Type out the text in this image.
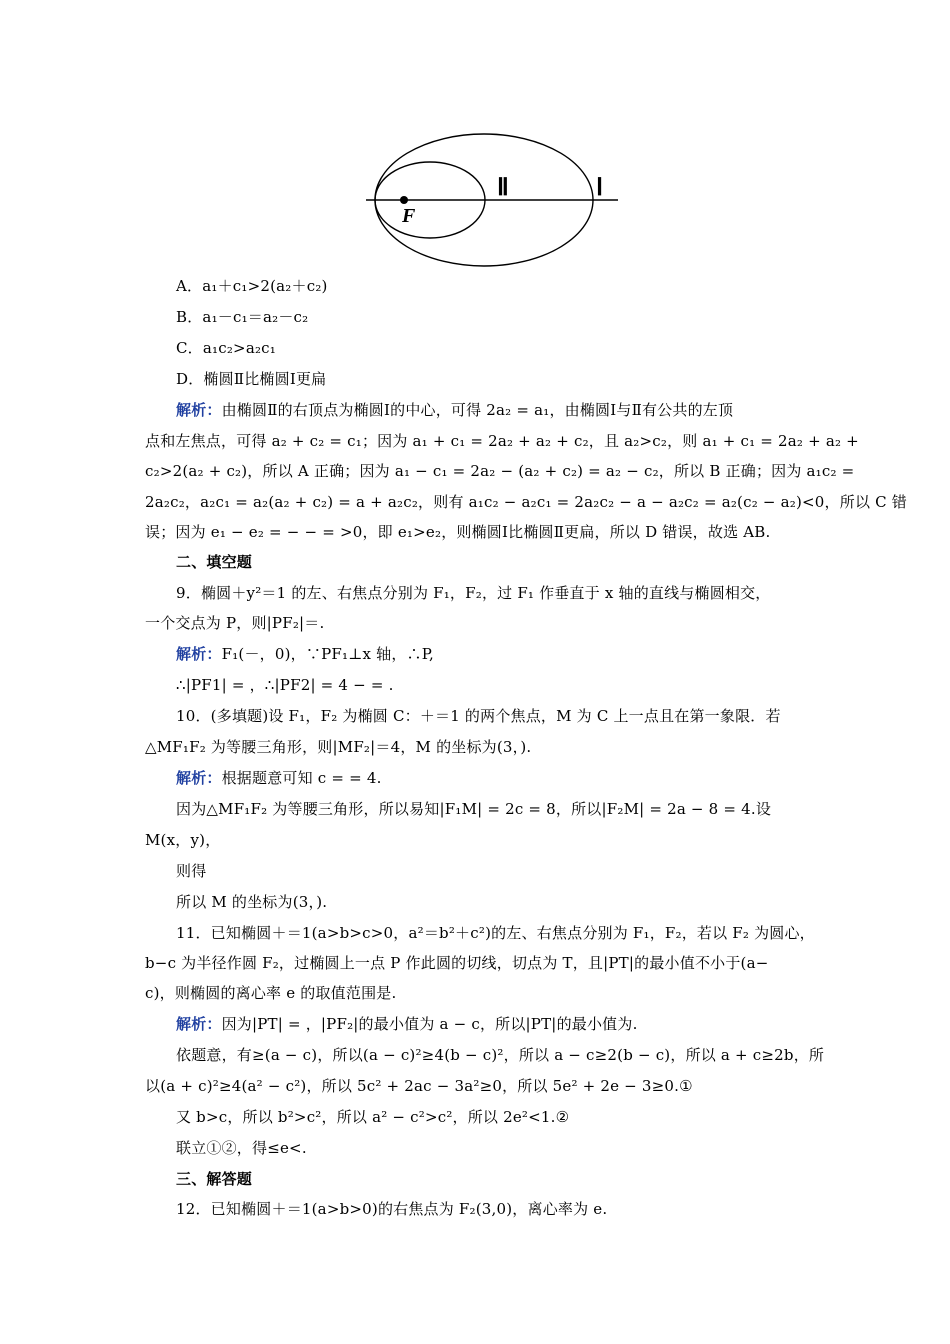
Ⅱ	Ⅰ
F
A．a₁＋c₁>2(a₂＋c₂)
B．a₁－c₁＝a₂－c₂
C．a₁c₂>a₂c₁
D．椭圆Ⅱ比椭圆Ⅰ更扁
解析：由椭圆Ⅱ的右顶点为椭圆Ⅰ的中心，可得 2a₂ = a₁，由椭圆Ⅰ与Ⅱ有公共的左顶
点和左焦点，可得 a₂ + c₂ = c₁；因为 a₁ + c₁ = 2a₂ + a₂ + c₂，且 a₂>c₂，则 a₁ + c₁ = 2a₂ + a₂ +
c₂>2(a₂ + c₂)，所以 A 正确；因为 a₁ − c₁ = 2a₂ − (a₂ + c₂) = a₂ − c₂，所以 B 正确；因为 a₁c₂ =
2a₂c₂，a₂c₁ = a₂(a₂ + c₂) = a + a₂c₂，则有 a₁c₂ − a₂c₁ = 2a₂c₂ − a − a₂c₂ = a₂(c₂ − a₂)<0，所以 C 错
误；因为 e₁ − e₂ = − − = >0，即 e₁>e₂，则椭圆Ⅰ比椭圆Ⅱ更扁，所以 D 错误，故选 AB.
二、填空题
9．椭圆＋y²＝1 的左、右焦点分别为 F₁，F₂，过 F₁ 作垂直于 x 轴的直线与椭圆相交，
一个交点为 P，则|PF₂|＝.
解析：F₁(－，0)，∵PF₁⊥x 轴，∴P,
∴|PF1| = ，∴|PF2| = 4 − = .
10．(多填题)设 F₁，F₂ 为椭圆 C：＋＝1 的两个焦点，M 为 C 上一点且在第一象限．若
△MF₁F₂ 为等腰三角形，则|MF₂|＝4，M 的坐标为(3，).
解析：根据题意可知 c = = 4.
因为△MF₁F₂ 为等腰三角形，所以易知|F₁M| = 2c = 8，所以|F₂M| = 2a − 8 = 4.设
M(x，y)，
则得
所以 M 的坐标为(3，).
11．已知椭圆＋＝1(a>b>c>0，a²＝b²＋c²)的左、右焦点分别为 F₁，F₂，若以 F₂ 为圆心，
b−c 为半径作圆 F₂，过椭圆上一点 P 作此圆的切线，切点为 T，且|PT|的最小值不小于(a−
c)，则椭圆的离心率 e 的取值范围是.
解析：因为|PT| = ，|PF₂|的最小值为 a − c，所以|PT|的最小值为.
依题意，有≥(a − c)，所以(a − c)²≥4(b − c)²，所以 a − c≥2(b − c)，所以 a + c≥2b，所
以(a + c)²≥4(a² − c²)，所以 5c² + 2ac − 3a²≥0，所以 5e² + 2e − 3≥0.①
又 b>c，所以 b²>c²，所以 a² − c²>c²，所以 2e²<1.②
联立①②，得≤e<.
三、解答题
12．已知椭圆＋＝1(a>b>0)的右焦点为 F₂(3,0)，离心率为 e.
